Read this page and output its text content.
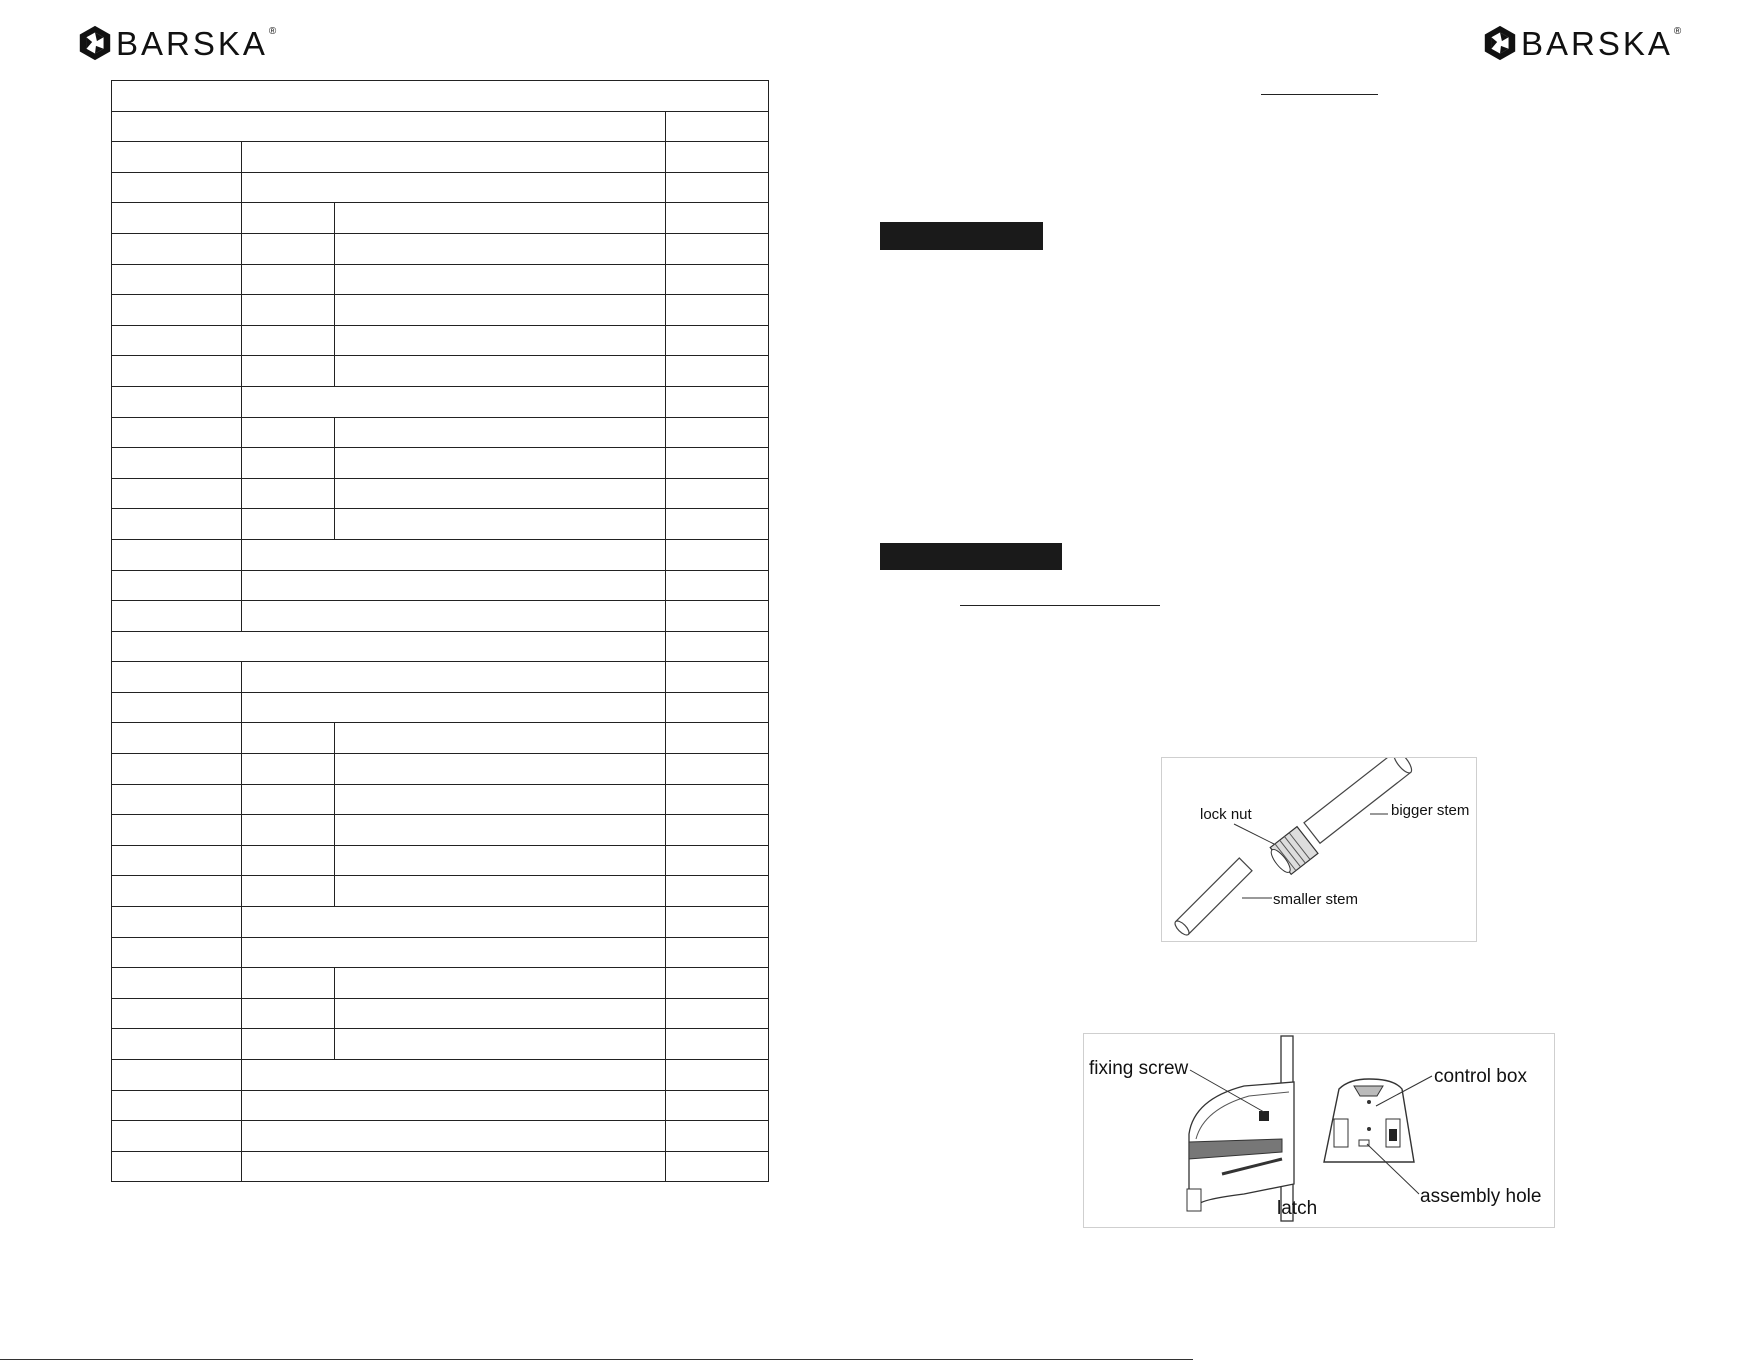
BARSKA ®	BARSKA ®

lock nut	bigger stem
smaller stem
fixing screw	control box
assembly hole
latch
